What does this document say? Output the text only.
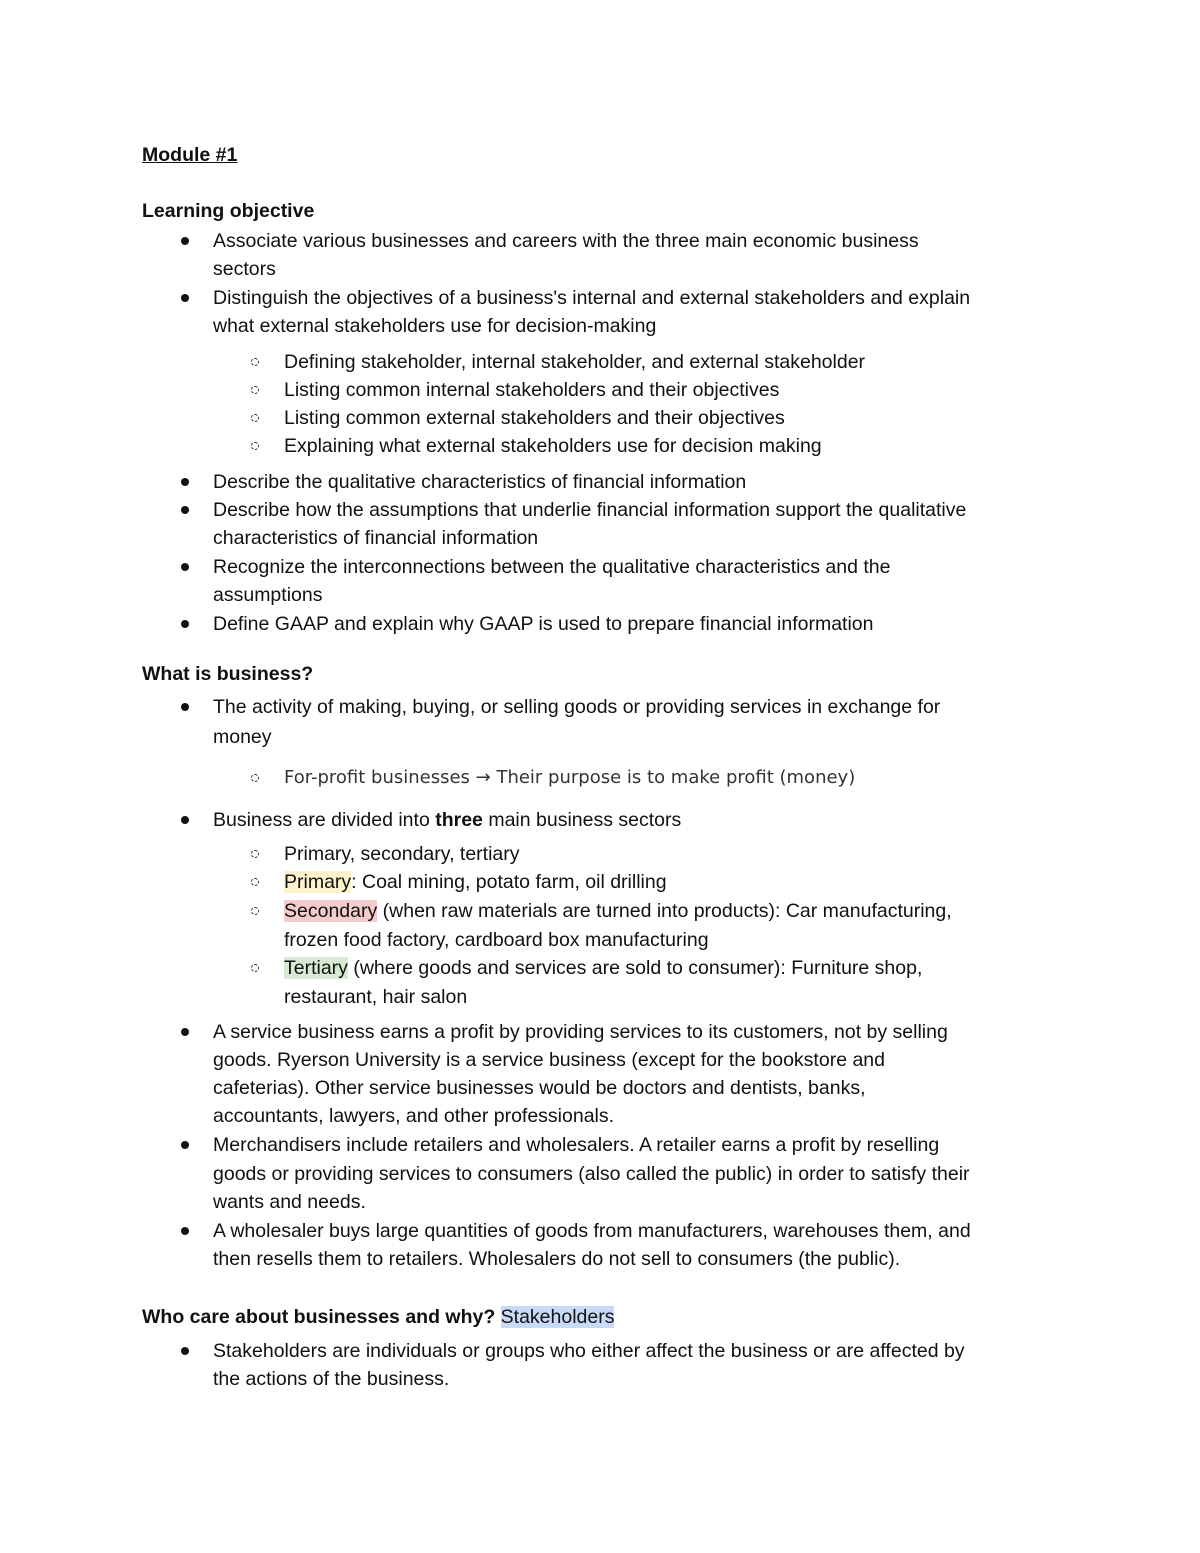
Module #1
Learning objective
Associate various businesses and careers with the three main economic business
sectors
Distinguish the objectives of a business's internal and external stakeholders and explain
what external stakeholders use for decision-making
Defining stakeholder, internal stakeholder, and external stakeholder
Listing common internal stakeholders and their objectives
Listing common external stakeholders and their objectives
Explaining what external stakeholders use for decision making
Describe the qualitative characteristics of financial information
Describe how the assumptions that underlie financial information support the qualitative
characteristics of financial information
Recognize the interconnections between the qualitative characteristics and the
assumptions
Define GAAP and explain why GAAP is used to prepare financial information
What is business?
The activity of making, buying, or selling goods or providing services in exchange for
money
For-profit businesses → Their purpose is to make profit (money)
Business are divided into three main business sectors
Primary, secondary, tertiary
Primary: Coal mining, potato farm, oil drilling
Secondary (when raw materials are turned into products): Car manufacturing,
frozen food factory, cardboard box manufacturing
Tertiary (where goods and services are sold to consumer): Furniture shop,
restaurant, hair salon
A service business earns a profit by providing services to its customers, not by selling
goods. Ryerson University is a service business (except for the bookstore and
cafeterias). Other service businesses would be doctors and dentists, banks,
accountants, lawyers, and other professionals.
Merchandisers include retailers and wholesalers. A retailer earns a profit by reselling
goods or providing services to consumers (also called the public) in order to satisfy their
wants and needs.
A wholesaler buys large quantities of goods from manufacturers, warehouses them, and
then resells them to retailers. Wholesalers do not sell to consumers (the public).
Who care about businesses and why? Stakeholders
Stakeholders are individuals or groups who either affect the business or are affected by
the actions of the business.
